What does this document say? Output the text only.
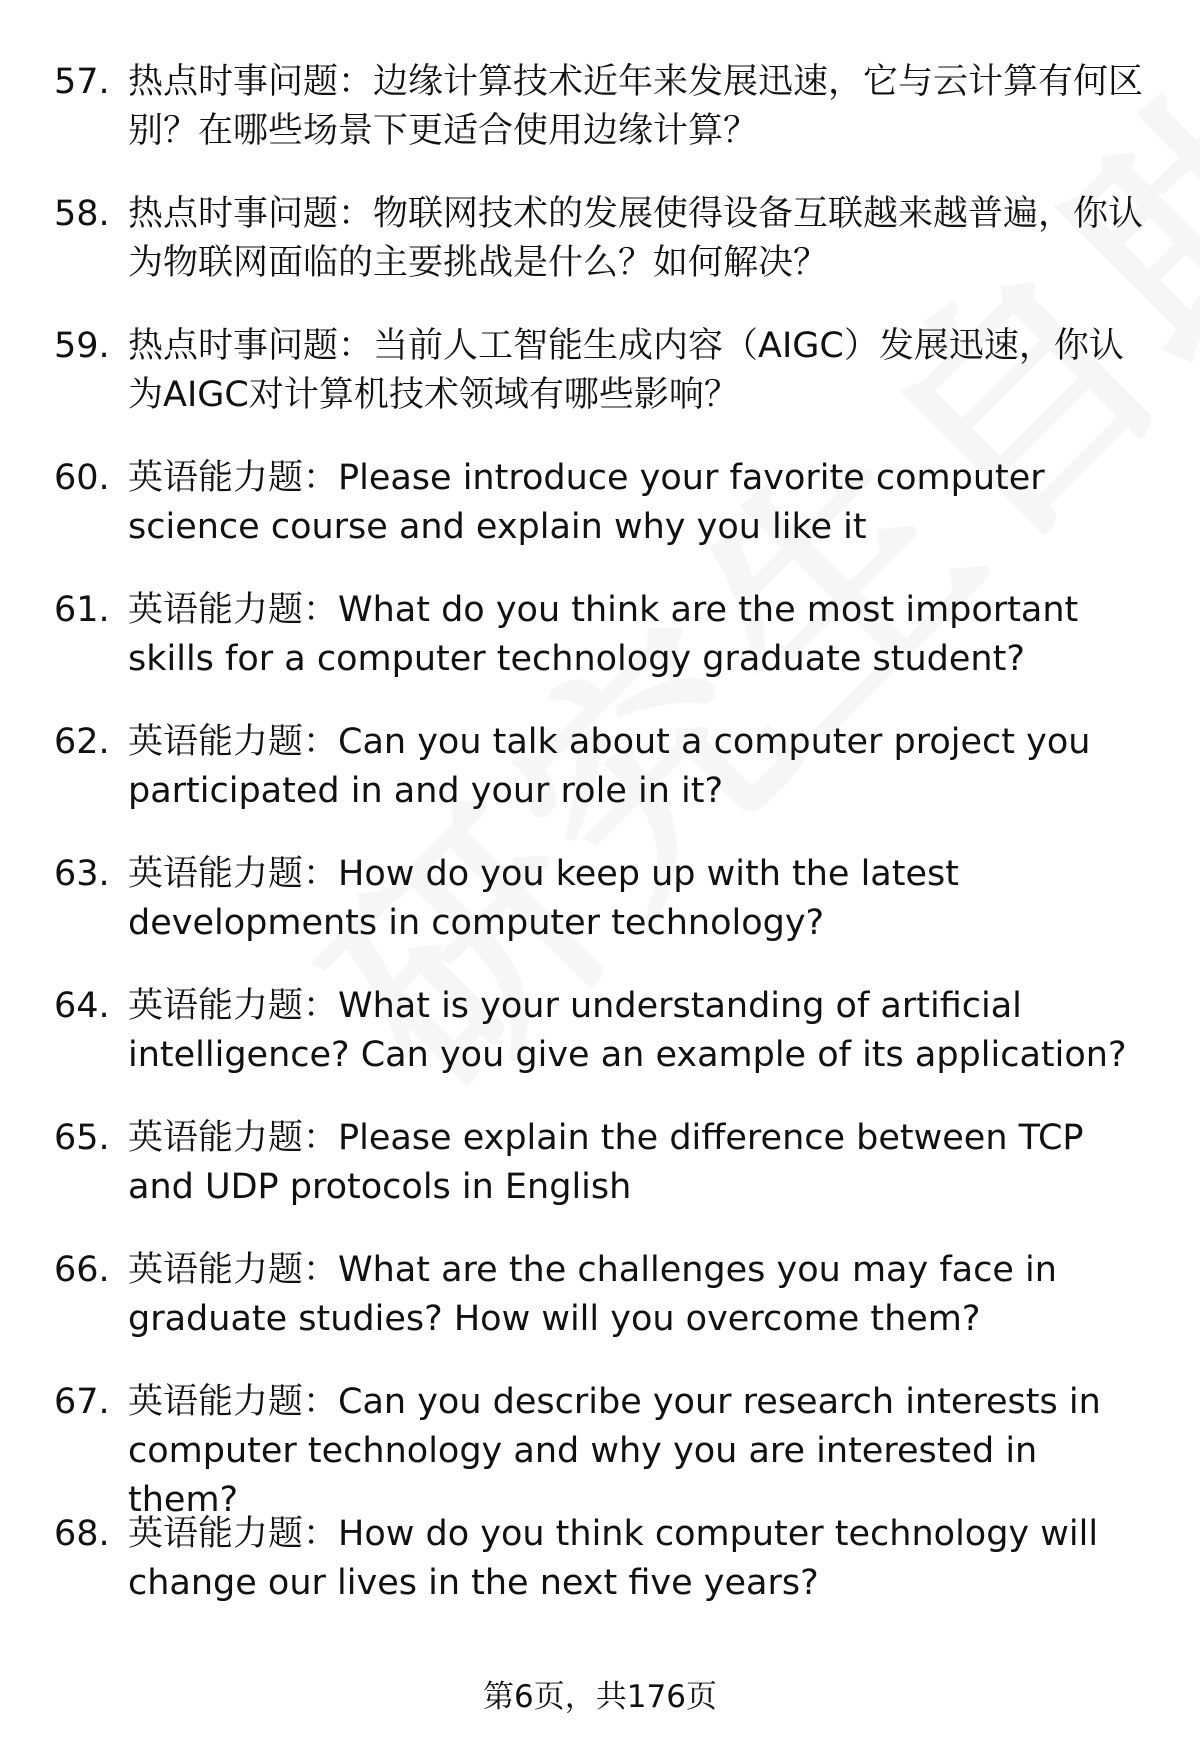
57. 热点时事问题：边缘计算技术近年来发展迅速，它与云计算有何区别？在哪些场景下更适合使用边缘计算？
58. 热点时事问题：物联网技术的发展使得设备互联越来越普遍，你认为物联网面临的主要挑战是什么？如何解决？
59. 热点时事问题：当前人工智能生成内容（AIGC）发展迅速，你认为AIGC对计算机技术领域有哪些影响？
60. 英语能力题：Please introduce your favorite computer science course and explain why you like it
61. 英语能力题：What do you think are the most important skills for a computer technology graduate student?
62. 英语能力题：Can you talk about a computer project you participated in and your role in it?
63. 英语能力题：How do you keep up with the latest developments in computer technology?
64. 英语能力题：What is your understanding of artificial intelligence? Can you give an example of its application?
65. 英语能力题：Please explain the difference between TCP and UDP protocols in English
66. 英语能力题：What are the challenges you may face in graduate studies? How will you overcome them?
67. 英语能力题：Can you describe your research interests in computer technology and why you are interested in them?
68. 英语能力题：How do you think computer technology will change our lives in the next five years?
第6页，共176页
